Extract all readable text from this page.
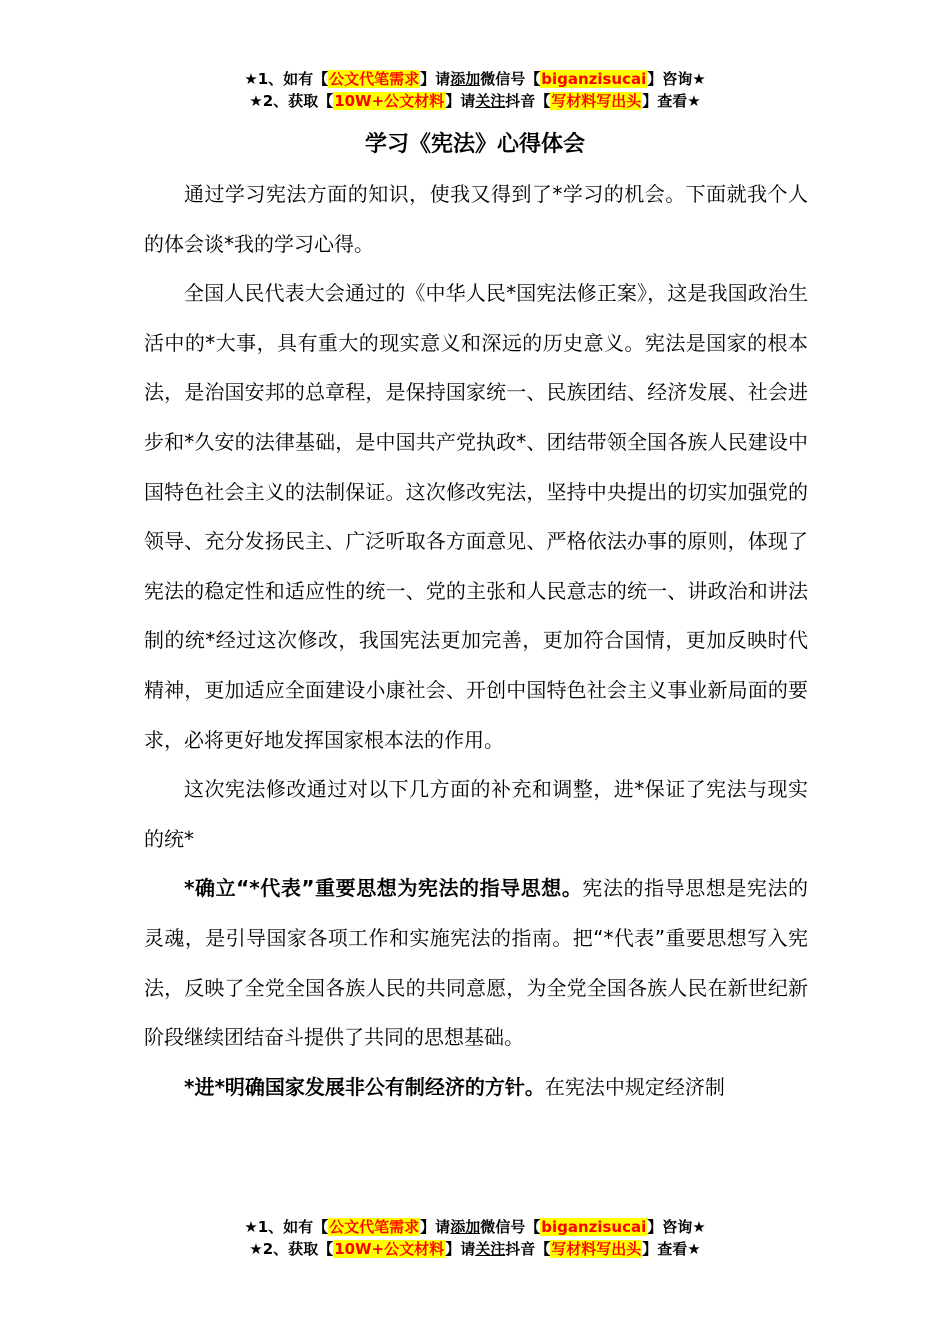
★1、如有【公文代笔需求】请添加微信号【biganzisucai】咨询★
★2、获取【10W+公文材料】请关注抖音【写材料写出头】查看★
学习《宪法》心得体会

通过学习宪法方面的知识，使我又得到了*学习的机会。下面就我个人的体会谈*我的学习心得。

全国人民代表大会通过的《中华人民*国宪法修正案》，这是我国政治生活中的*大事，具有重大的现实意义和深远的历史意义。宪法是国家的根本法，是治国安邦的总章程，是保持国家统一、民族团结、经济发展、社会进步和*久安的法律基础，是中国共产党执政*、团结带领全国各族人民建设中国特色社会主义的法制保证。这次修改宪法，坚持中央提出的切实加强党的领导、充分发扬民主、广泛听取各方面意见、严格依法办事的原则，体现了宪法的稳定性和适应性的统一、党的主张和人民意志的统一、讲政治和讲法制的统*经过这次修改，我国宪法更加完善，更加符合国情，更加反映时代精神，更加适应全面建设小康社会、开创中国特色社会主义事业新局面的要求，必将更好地发挥国家根本法的作用。

这次宪法修改通过对以下几方面的补充和调整，进*保证了宪法与现实的统*

*确立“*代表”重要思想为宪法的指导思想。宪法的指导思想是宪法的灵魂，是引导国家各项工作和实施宪法的指南。把“*代表”重要思想写入宪法，反映了全党全国各族人民的共同意愿，为全党全国各族人民在新世纪新阶段继续团结奋斗提供了共同的思想基础。

*进*明确国家发展非公有制经济的方针。在宪法中规定经济制

★1、如有【公文代笔需求】请添加微信号【biganzisucai】咨询★
★2、获取【10W+公文材料】请关注抖音【写材料写出头】查看★
